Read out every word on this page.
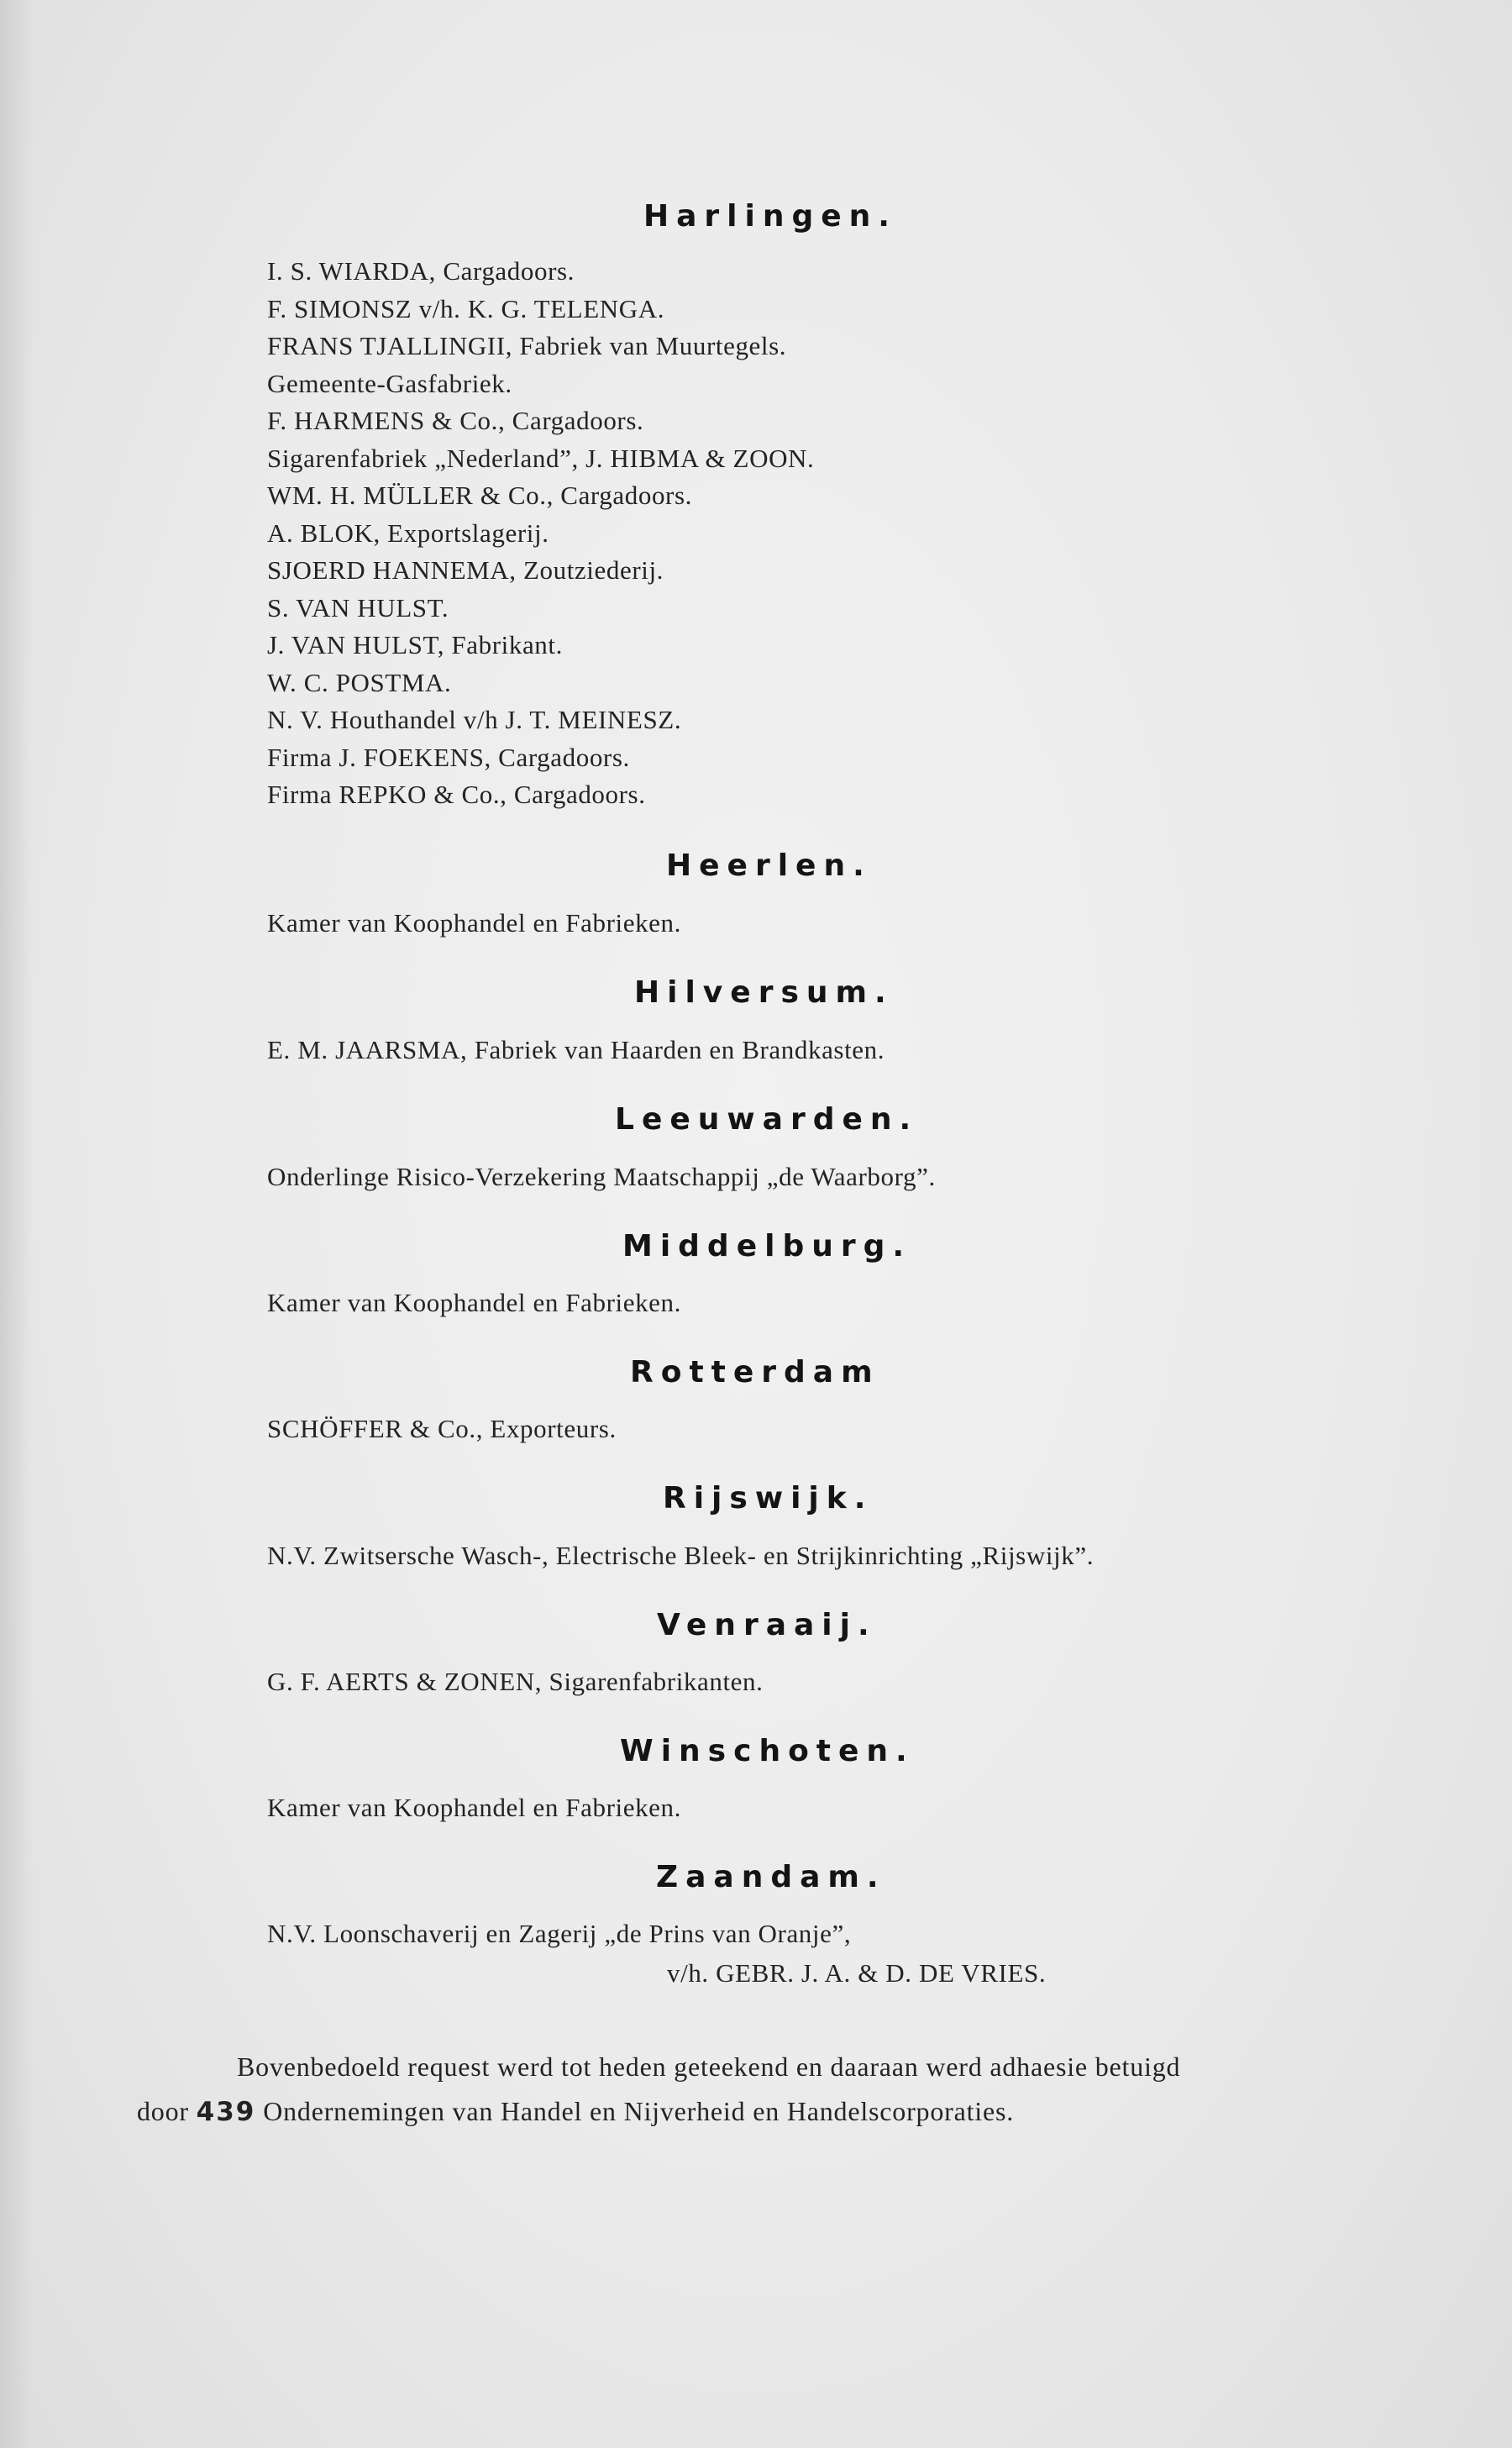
Harlingen.
I. S. WIARDA, Cargadoors.
F. SIMONSZ v/h. K. G. TELENGA.
FRANS TJALLINGII, Fabriek van Muurtegels.
Gemeente-Gasfabriek.
F. HARMENS & Co., Cargadoors.
Sigarenfabriek „Nederland”, J. HIBMA & ZOON.
WM. H. MÜLLER & Co., Cargadoors.
A. BLOK, Exportslagerij.
SJOERD HANNEMA, Zoutziederij.
S. VAN HULST.
J. VAN HULST, Fabrikant.
W. C. POSTMA.
N. V. Houthandel v/h J. T. MEINESZ.
Firma J. FOEKENS, Cargadoors.
Firma REPKO & Co., Cargadoors.
Heerlen.
Kamer van Koophandel en Fabrieken.
Hilversum.
E. M. JAARSMA, Fabriek van Haarden en Brandkasten.
Leeuwarden.
Onderlinge Risico-Verzekering Maatschappij „de Waarborg”.
Middelburg.
Kamer van Koophandel en Fabrieken.
Rotterdam
SCHÖFFER & Co., Exporteurs.
Rijswijk.
N.V. Zwitsersche Wasch-, Electrische Bleek- en Strijkinrichting „Rijswijk”.
Venraaij.
G. F. AERTS & ZONEN, Sigarenfabrikanten.
Winschoten.
Kamer van Koophandel en Fabrieken.
Zaandam.
N.V. Loonschaverij en Zagerij „de Prins van Oranje”,
v/h. GEBR. J. A. & D. DE VRIES.
Bovenbedoeld request werd tot heden geteekend en daaraan werd adhaesie betuigd
door 439 Ondernemingen van Handel en Nijverheid en Handelscorporaties.
